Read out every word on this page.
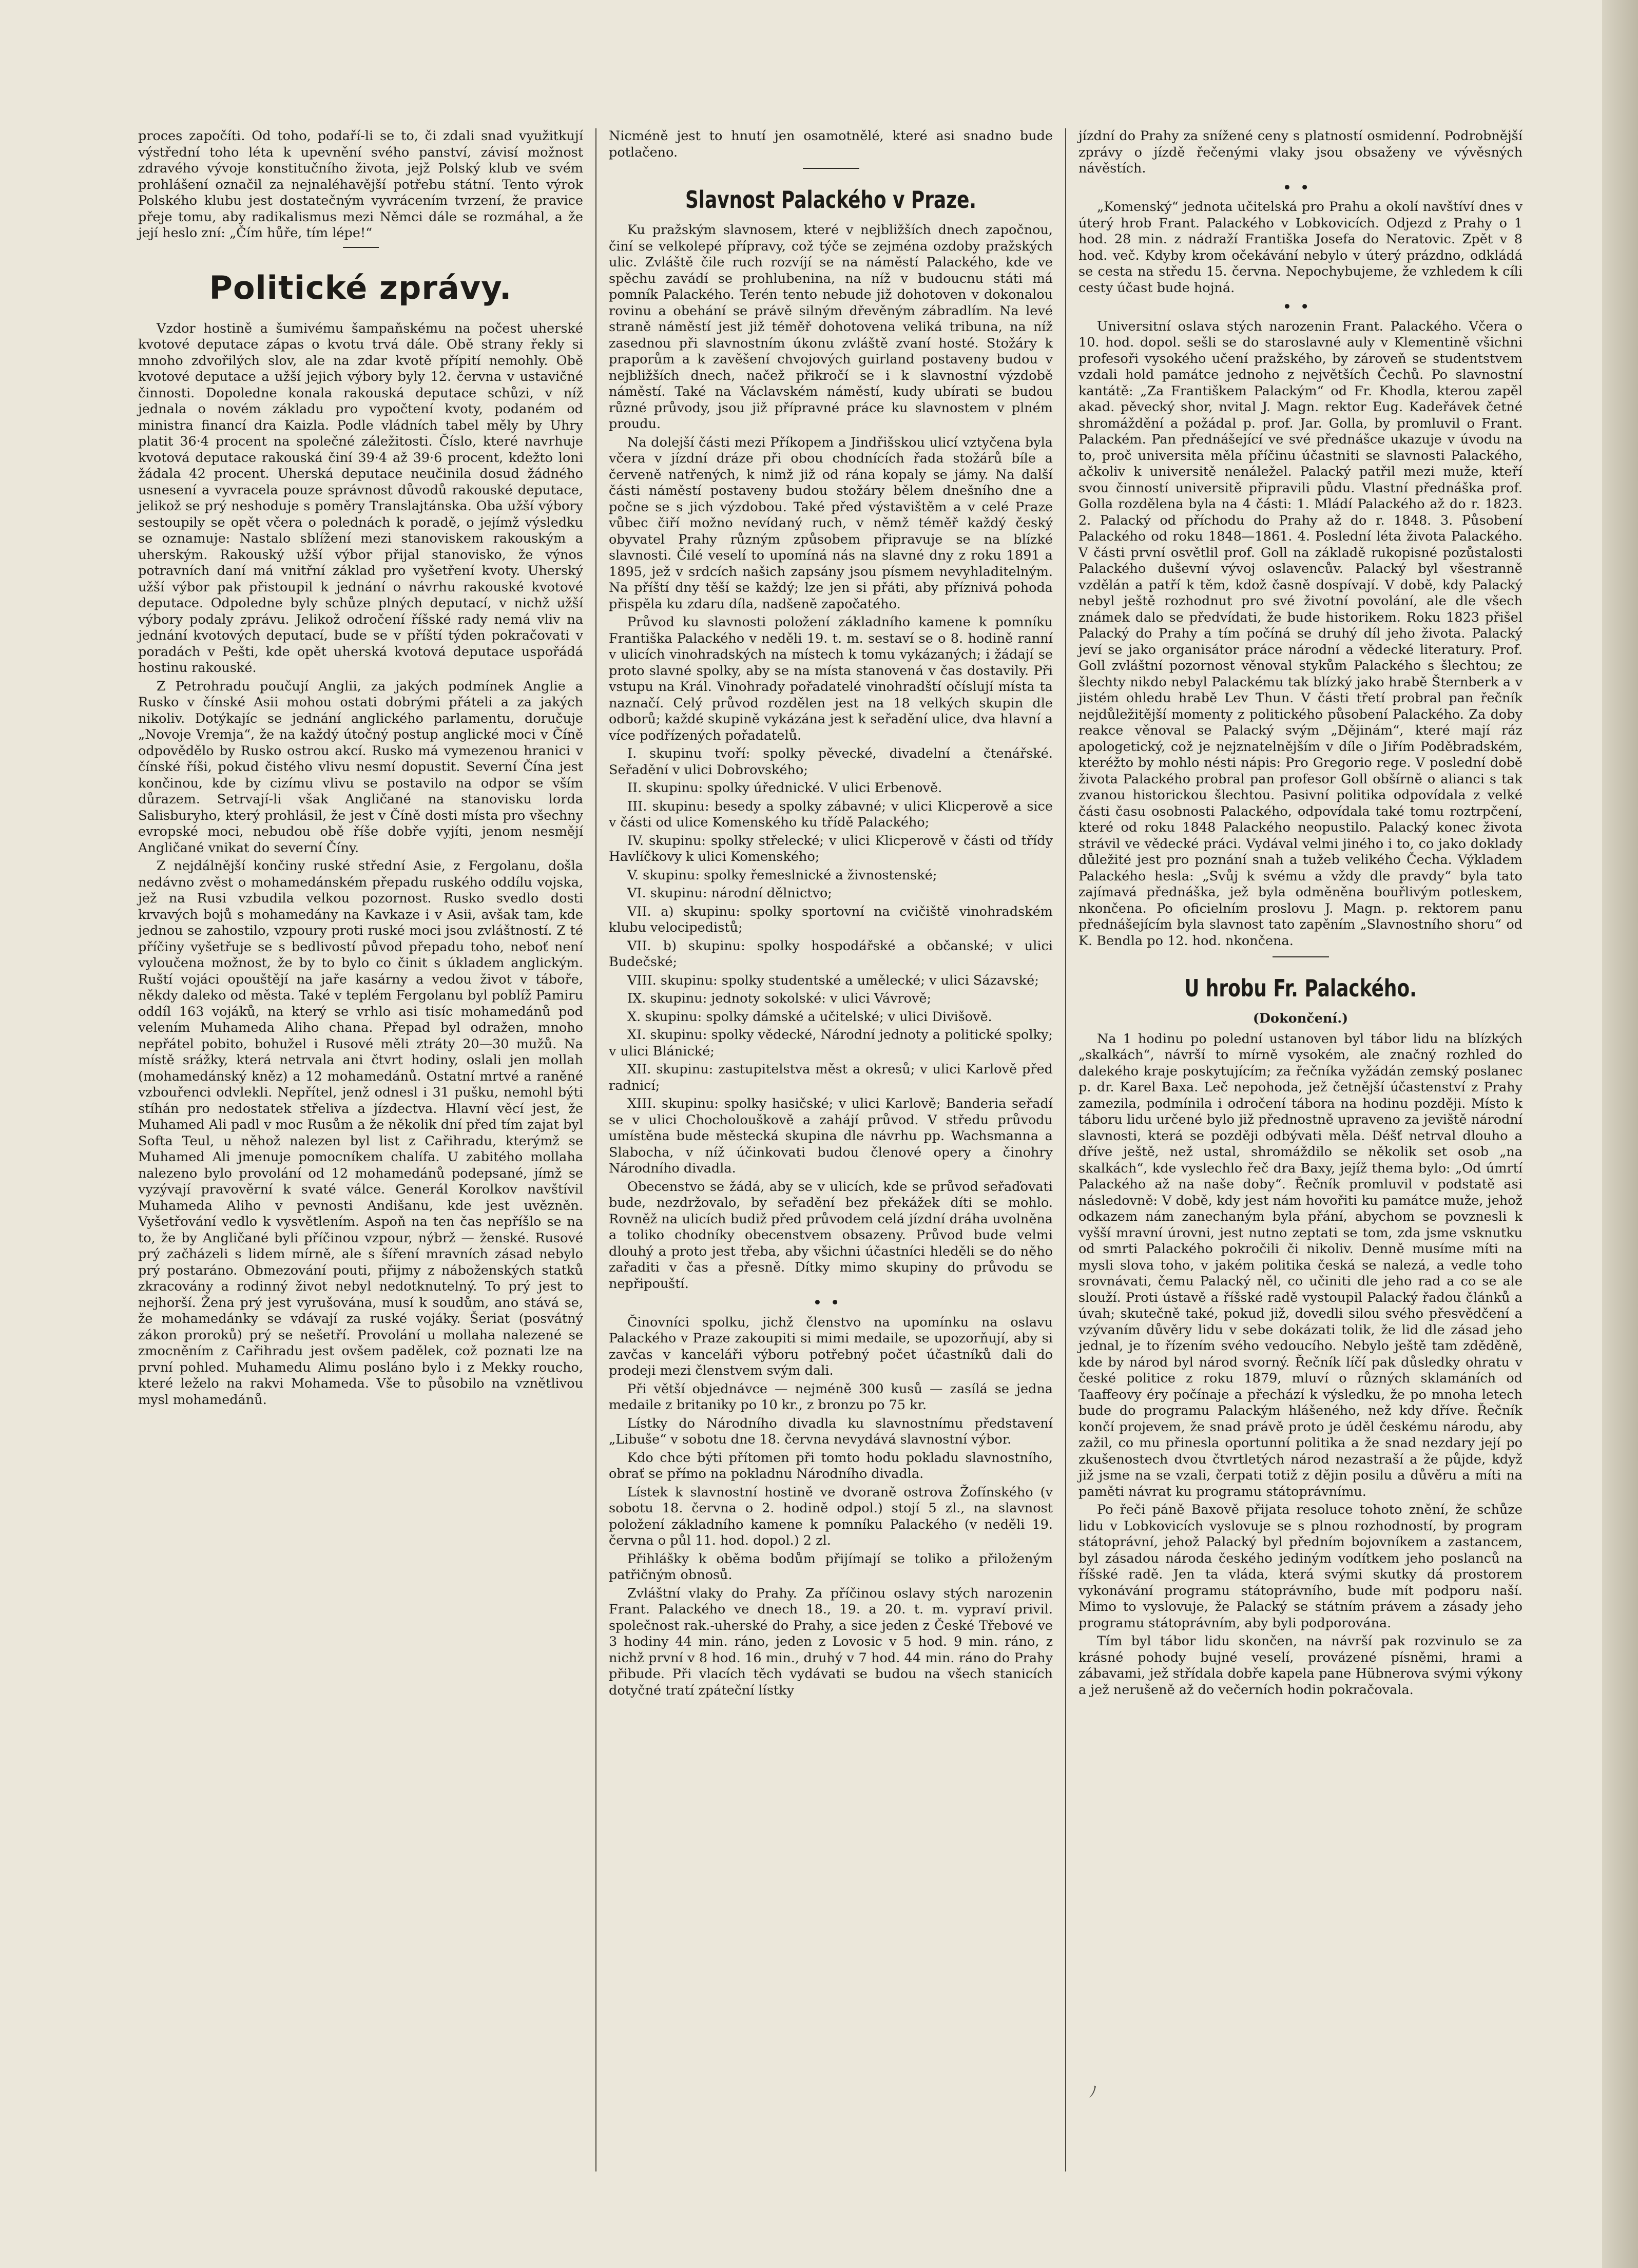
proces započíti. Od toho, podaří-li se to, či zdali snad využitkují výstřední toho léta k upevnění svého panství, závisí možnost zdravého vývoje konstitučního života, jejž Polský klub ve svém prohlášení označil za nejnaléhavější potřebu státní. Tento výrok Polského klubu jest dostatečným vyvrácením tvrzení, že pravice přeje tomu, aby radikalismus mezi Němci dále se rozmáhal, a že její heslo zní: „Čím hůře, tím lépe!“

Politické zprávy.

Vzdor hostině a šumivému šampaňskému na počest uherské kvotové deputace zápas o kvotu trvá dále. Obě strany řekly si mnoho zdvořilých slov, ale na zdar kvotě přípití nemohly. Obě kvotové deputace a užší jejich výbory byly 12. června v ustavičné činnosti. Dopoledne konala rakouská deputace schůzi, v níž jednala o novém základu pro vypočtení kvoty, podaném od ministra financí dra Kaizla. Podle vládních tabel měly by Uhry platit 36·4 procent na společné záležitosti. Číslo, které navrhuje kvotová deputace rakouská činí 39·4 až 39·6 procent, kdežto loni žádala 42 procent. Uherská deputace neučinila dosud žádného usnesení a vyvracela pouze správnost důvodů rakouské deputace, jelikož se prý neshoduje s poměry Translajtánska. Oba užší výbory sestoupily se opět včera o polednách k poradě, o jejímž výsledku se oznamuje: Nastalo sblížení mezi stanoviskem rakouským a uherským. Rakouský užší výbor přijal stanovisko, že výnos potravních daní má vnitřní základ pro vyšetření kvoty. Uherský užší výbor pak přistoupil k jednání o návrhu rakouské kvotové deputace. Odpoledne byly schůze plných deputací, v nichž užší výbory podaly zprávu. Jelikož odročení říšské rady nemá vliv na jednání kvotových deputací, bude se v příští týden pokračovati v poradách v Pešti, kde opět uherská kvotová deputace uspořádá hostinu rakouské.

Z Petrohradu poučují Anglii, za jakých podmínek Anglie a Rusko v čínské Asii mohou ostati dobrými přáteli a za jakých nikoliv. Dotýkajíc se jednání anglického parlamentu, doručuje „Novoje Vremja“, že na každý útočný postup anglické moci v Číně odpovědělo by Rusko ostrou akcí. Rusko má vymezenou hranici v čínské říši, pokud čistého vlivu nesmí dopustit. Severní Čína jest končinou, kde by cizímu vlivu se postavilo na odpor se vším důrazem. Setrvají-li však Angličané na stanovisku lorda Salisburyho, který prohlásil, že jest v Číně dosti místa pro všechny evropské moci, nebudou obě říše dobře vyjíti, jenom nesmějí Angličané vnikat do severní Číny.

Z nejdálnější končiny ruské střední Asie, z Fergolanu, došla nedávno zvěst o mohamedánském přepadu ruského oddílu vojska, jež na Rusi vzbudila velkou pozornost. Rusko svedlo dosti krvavých bojů s mohamedány na Kavkaze i v Asii, avšak tam, kde jednou se zahostilo, vzpoury proti ruské moci jsou zvláštností. Z té příčiny vyšetřuje se s bedlivostí původ přepadu toho, neboť není vyloučena možnost, že by to bylo co činit s úkladem anglickým. Ruští vojáci opouštějí na jaře kasárny a vedou život v táboře, někdy daleko od města. Také v teplém Fergolanu byl poblíž Pamiru oddíl 163 vojáků, na který se vrhlo asi tisíc mohamedánů pod velením Muhameda Aliho chana. Přepad byl odražen, mnoho nepřátel pobito, bohužel i Rusové měli ztráty 20—30 mužů. Na místě srážky, která netrvala ani čtvrt hodiny, oslali jen mollah (mohamedánský kněz) a 12 mohamedánů. Ostatní mrtvé a raněné vzbouřenci odvlekli. Nepřítel, jenž odnesl i 31 pušku, nemohl býti stíhán pro nedostatek střeliva a jízdectva. Hlavní věcí jest, že Muhamed Ali padl v moc Rusům a že několik dní před tím zajat byl Softa Teul, u něhož nalezen byl list z Cařihradu, kterýmž se Muhamed Ali jmenuje pomocníkem chalífa. U zabitého mollaha nalezeno bylo provolání od 12 mohamedánů podepsané, jímž se vyzývají pravověrní k svaté válce. Generál Korolkov navštívil Muhameda Aliho v pevnosti Andišanu, kde jest uvězněn. Vyšetřování vedlo k vysvětlením. Aspoň na ten čas nepříšlo se na to, že by Angličané byli příčinou vzpour, nýbrž — ženské. Rusové prý začházeli s lidem mírně, ale s šíření mravních zásad nebylo prý postaráno. Obmezování pouti, přijmy z náboženských statků zkracovány a rodinný život nebyl nedotknutelný. To prý jest to nejhorší. Žena prý jest vyrušována, musí k soudům, ano stává se, že mohamedánky se vdávají za ruské vojáky. Šeriat (posvátný zákon proroků) prý se nešetří. Provolání u mollaha nalezené se zmocněním z Cařihradu jest ovšem padělek, což poznati lze na první pohled. Muhamedu Alimu posláno bylo i z Mekky roucho, které leželo na rakvi Mohameda. Vše to působilo na vznětlivou mysl mohamedánů.

Nicméně jest to hnutí jen osamotnělé, které asi snadno bude potlačeno.

Slavnost Palackého v Praze.

Ku pražským slavnosem, které v nejbližších dnech započnou, činí se velkolepé přípravy, což týče se zejména ozdoby pražských ulic. Zvláště čile ruch rozvíjí se na náměstí Palackého, kde ve spěchu zavádí se prohlubenina, na níž v budoucnu státi má pomník Palackého. Terén tento nebude již dohotoven v dokonalou rovinu a obehání se právě silným dřevěným zábradlím. Na levé straně náměstí jest již téměř dohotovena veliká tribuna, na níž zasednou při slavnostním úkonu zvláště zvaní hosté. Stožáry k praporům a k zavěšení chvojových guirland postaveny budou v nejbližších dnech, načež přikročí se i k slavnostní výzdobě náměstí. Také na Václavském náměstí, kudy ubírati se budou různé průvody, jsou již přípravné práce ku slavnostem v plném proudu.

Na dolejší části mezi Příkopem a Jindřišskou ulicí vztyčena byla včera v jízdní dráze při obou chodnících řada stožárů bíle a červeně natřených, k nimž již od rána kopaly se jámy. Na další části náměstí postaveny budou stožáry bělem dnešního dne a počne se s jich výzdobou. Také před výstavištěm a v celé Praze vůbec čiří možno nevídaný ruch, v němž téměř každý český obyvatel Prahy různým způsobem připravuje se na blízké slavnosti. Čilé veselí to upomíná nás na slavné dny z roku 1891 a 1895, jež v srdcích našich zapsány jsou písmem nevyhladitelným. Na příští dny těší se každý; lze jen si přáti, aby příznivá pohoda přispěla ku zdaru díla, nadšeně započatého.

Průvod ku slavnosti položení základního kamene k pomníku Františka Palackého v neděli 19. t. m. sestaví se o 8. hodině ranní v ulicích vinohradských na místech k tomu vykázaných; i žádají se proto slavné spolky, aby se na místa stanovená v čas dostavily. Při vstupu na Král. Vinohrady pořadatelé vinohradští očíslují místa ta naznačí. Celý průvod rozdělen jest na 18 velkých skupin dle odborů; každé skupině vykázána jest k seřadění ulice, dva hlavní a více podřízených pořadatelů.

I. skupinu tvoří: spolky pěvecké, divadelní a čtenářské. Seřadění v ulici Dobrovského;

II. skupinu: spolky úřednické. V ulici Erbenově.

III. skupinu: besedy a spolky zábavné; v ulici Klicperově a sice v části od ulice Komenského ku třídě Palackého;

IV. skupinu: spolky střelecké; v ulici Klicperově v části od třídy Havlíčkovy k ulici Komenského;

V. skupinu: spolky řemeslnické a živnostenské;

VI. skupinu: národní dělnictvo;

VII. a) skupinu: spolky sportovní na cvičiště vinohradském klubu velocipedistů;

VII. b) skupinu: spolky hospodářské a občanské; v ulici Budečské;

VIII. skupinu: spolky studentské a umělecké; v ulici Sázavské;

IX. skupinu: jednoty sokolské: v ulici Vávrově;

X. skupinu: spolky dámské a učitelské; v ulici Divišově.

XI. skupinu: spolky vědecké, Národní jednoty a politické spolky; v ulici Blánické;

XII. skupinu: zastupitelstva měst a okresů; v ulici Karlově před radnicí;

XIII. skupinu: spolky hasičské; v ulici Karlově; Banderia seřadí se v ulici Chocholouškově a zahájí průvod. V středu průvodu umístěna bude městecká skupina dle návrhu pp. Wachsmanna a Slabocha, v níž účinkovati budou členové opery a činohry Národního divadla.

Obecenstvo se žádá, aby se v ulicích, kde se průvod seřaďovati bude, nezdržovalo, by seřadění bez překážek díti se mohlo. Rovněž na ulicích budiž před průvodem celá jízdní dráha uvolněna a toliko chodníky obecenstvem obsazeny. Průvod bude velmi dlouhý a proto jest třeba, aby všichni účastníci hleděli se do něho zařaditi v čas a přesně. Dítky mimo skupiny do průvodu se nepřipouští.

••

Činovníci spolku, jichž členstvo na upomínku na oslavu Palackého v Praze zakoupiti si mimi medaile, se upozorňují, aby si zavčas v kanceláři výboru potřebný počet účastníků dali do prodeji mezi členstvem svým dali.

Při větší objednávce — nejméně 300 kusů — zasílá se jedna medaile z britaniky po 10 kr., z bronzu po 75 kr.

Lístky do Národního divadla ku slavnostnímu představení „Libuše“ v sobotu dne 18. června nevydává slavnostní výbor.

Kdo chce býti přítomen při tomto hodu pokladu slavnostního, obrať se přímo na pokladnu Národního divadla.

Lístek k slavnostní hostině ve dvoraně ostrova Žofínského (v sobotu 18. června o 2. hodině odpol.) stojí 5 zl., na slavnost položení základního kamene k pomníku Palackého (v neděli 19. června o půl 11. hod. dopol.) 2 zl.

Přihlášky k oběma bodům přijímají se toliko a přiloženým patřičným obnosů.

Zvláštní vlaky do Prahy. Za příčinou oslavy stých narozenin Frant. Palackého ve dnech 18., 19. a 20. t. m. vypraví privil. společnost rak.-uherské do Prahy, a sice jeden z České Třebové ve 3 hodiny 44 min. ráno, jeden z Lovosic v 5 hod. 9 min. ráno, z nichž první v 8 hod. 16 min., druhý v 7 hod. 44 min. ráno do Prahy přibude. Při vlacích těch vydávati se budou na všech stanicích dotyčné tratí zpáteční lístky

jízdní do Prahy za snížené ceny s platností osmidenní. Podrobnější zprávy o jízdě řečenými vlaky jsou obsaženy ve vývěsných návěstích.

••

„Komenský“ jednota učitelská pro Prahu a okolí navštíví dnes v úterý hrob Frant. Palackého v Lobkovicích. Odjezd z Prahy o 1 hod. 28 min. z nádraží Františka Josefa do Neratovic. Zpět v 8 hod. več. Kdyby krom očekávání nebylo v úterý prázdno, odkládá se cesta na středu 15. června. Nepochybujeme, že vzhledem k cíli cesty účast bude hojná.

••

Universitní oslava stých narozenin Frant. Palackého. Včera o 10. hod. dopol. sešli se do staroslavné auly v Klementině všichni profesoři vysokého učení pražského, by zároveň se studentstvem vzdali hold památce jednoho z největších Čechů. Po slavnostní kantátě: „Za Františkem Palackým“ od Fr. Khodla, kterou zapěl akad. pěvecký shor, nvital J. Magn. rektor Eug. Kadeřávek četné shromáždění a požádal p. prof. Jar. Golla, by promluvil o Frant. Palackém. Pan přednášející ve své přednášce ukazuje v úvodu na to, proč universita měla příčinu účastniti se slavnosti Palackého, ačkoliv k universitě nenáležel. Palacký patřil mezi muže, kteří svou činností universitě připravili půdu. Vlastní přednáška prof. Golla rozdělena byla na 4 části: 1. Mládí Palackého až do r. 1823. 2. Palacký od příchodu do Prahy až do r. 1848. 3. Působení Palackého od roku 1848—1861. 4. Poslední léta života Palackého. V části první osvětlil prof. Goll na základě rukopisné pozůstalosti Palackého duševní vývoj oslavencův. Palacký byl všestranně vzdělán a patří k těm, kdož časně dospívají. V době, kdy Palacký nebyl ještě rozhodnut pro své životní povolání, ale dle všech známek dalo se předvídati, že bude historikem. Roku 1823 přišel Palacký do Prahy a tím počíná se druhý díl jeho života. Palacký jeví se jako organisátor práce národní a vědecké literatury. Prof. Goll zvláštní pozornost věnoval stykům Palackého s šlechtou; ze šlechty nikdo nebyl Palackému tak blízký jako hrabě Šternberk a v jistém ohledu hrabě Lev Thun. V části třetí probral pan řečník nejdůležitější momenty z politického působení Palackého. Za doby reakce věnoval se Palacký svým „Dějinám“, které mají ráz apologetický, což je nejznatelnějším v díle o Jiřím Poděbradském, kteréžto by mohlo nésti nápis: Pro Gregorio rege. V poslední době života Palackého probral pan profesor Goll obšírně o alianci s tak zvanou historickou šlechtou. Pasivní politika odpovídala z velké části času osobnosti Palackého, odpovídala také tomu roztrpčení, které od roku 1848 Palackého neopustilo. Palacký konec života strávil ve vědecké práci. Vydával velmi jiného i to, co jako doklady důležité jest pro poznání snah a tužeb velikého Čecha. Výkladem Palackého hesla: „Svůj k svému a vždy dle pravdy“ byla tato zajímavá přednáška, jež byla odměněna bouřlivým potleskem, nkončena. Po oficielním proslovu J. Magn. p. rektorem panu přednášejícím byla slavnost tato zapěním „Slavnostního shoru“ od K. Bendla po 12. hod. nkončena.

U hrobu Fr. Palackého.
(Dokončení.)

Na 1 hodinu po polední ustanoven byl tábor lidu na blízkých „skalkách“, návrší to mírně vysokém, ale značný rozhled do dalekého kraje poskytujícím; za řečníka vyžádán zemský poslanec p. dr. Karel Baxa. Leč nepohoda, jež četnější účastenství z Prahy zamezila, podmínila i odročení tábora na hodinu později. Místo k táboru lidu určené bylo již přednostně upraveno za jeviště národní slavnosti, která se později odbývati měla. Déšť netrval dlouho a dříve ještě, než ustal, shromáždilo se několik set osob „na skalkách“, kde vyslechlo řeč dra Baxy, jejíž thema bylo: „Od úmrtí Palackého až na naše doby“. Řečník promluvil v podstatě asi následovně: V době, kdy jest nám hovořiti ku památce muže, jehož odkazem nám zanechaným byla přání, abychom se povznesli k vyšší mravní úrovni, jest nutno zeptati se tom, zda jsme vsknutku od smrti Palackého pokročili či nikoliv. Denně musíme míti na mysli slova toho, v jakém politika česká se nalezá, a vedle toho srovnávati, čemu Palacký něl, co učiniti dle jeho rad a co se ale slouží. Proti ústavě a říšské radě vystoupil Palacký řadou článků a úvah; skutečně také, pokud již, dovedli silou svého přesvědčení a vzývaním důvěry lidu v sebe dokázati tolik, že lid dle zásad jeho jednal, je to řízením svého vedoucího. Nebylo ještě tam zděděně, kde by národ byl národ svorný. Řečník líčí pak důsledky ohratu v české politice z roku 1879, mluví o různých sklamáních od Taaffeovy éry počínaje a přechází k výsledku, že po mnoha letech bude do programu Palackým hlášeného, než kdy dříve. Řečník končí projevem, že snad právě proto je úděl českému národu, aby zažil, co mu přinesla oportunní politika a že snad nezdary její po zkušenostech dvou čtvrtletých národ nezastraší a že půjde, když již jsme na se vzali, čerpati totiž z dějin posilu a důvěru a míti na paměti návrat ku programu státoprávnímu.

Po řeči páně Baxově přijata resoluce tohoto znění, že schůze lidu v Lobkovicích vyslovuje se s plnou rozhodností, by program státoprávní, jehož Palacký byl předním bojovníkem a zastancem, byl zásadou národa českého jediným vodítkem jeho poslanců na říšské radě. Jen ta vláda, která svými skutky dá prostorem vykonávání programu státoprávního, bude mít podporu naší. Mimo to vyslovuje, že Palacký se státním právem a zásady jeho programu státoprávním, aby byli podporována.

Tím byl tábor lidu skončen, na návrší pak rozvinulo se za krásné pohody bujné veselí, provázené písněmi, hrami a zábavami, jež střídala dobře kapela pane Hübnerova svými výkony a jež nerušeně až do večerních hodin pokračovala.

ﾉ
